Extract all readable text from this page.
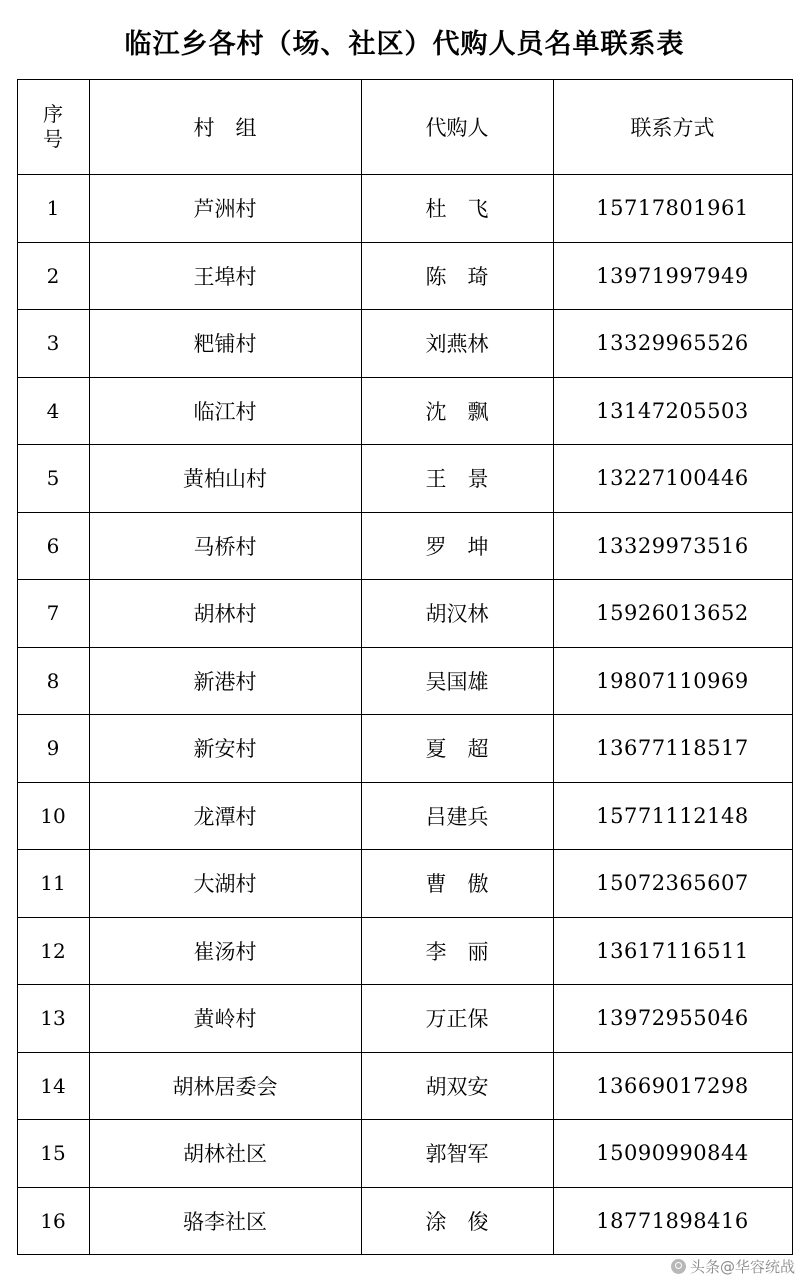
临江乡各村（场、社区）代购人员名单联系表
序
号	村　组	代购人	联系方式
1	芦洲村	杜　飞	15717801961
2	王埠村	陈　琦	13971997949
3	粑铺村	刘燕林	13329965526
4	临江村	沈　飘	13147205503
5	黄柏山村	王　景	13227100446
6	马桥村	罗　坤	13329973516
7	胡林村	胡汉林	15926013652
8	新港村	吴国雄	19807110969
9	新安村	夏　超	13677118517
10	龙潭村	吕建兵	15771112148
11	大湖村	曹　傲	15072365607
12	崔汤村	李　丽	13617116511
13	黄岭村	万正保	13972955046
14	胡林居委会	胡双安	13669017298
15	胡林社区	郭智军	15090990844
16	骆李社区	涂　俊	18771898416
头条@华容统战
